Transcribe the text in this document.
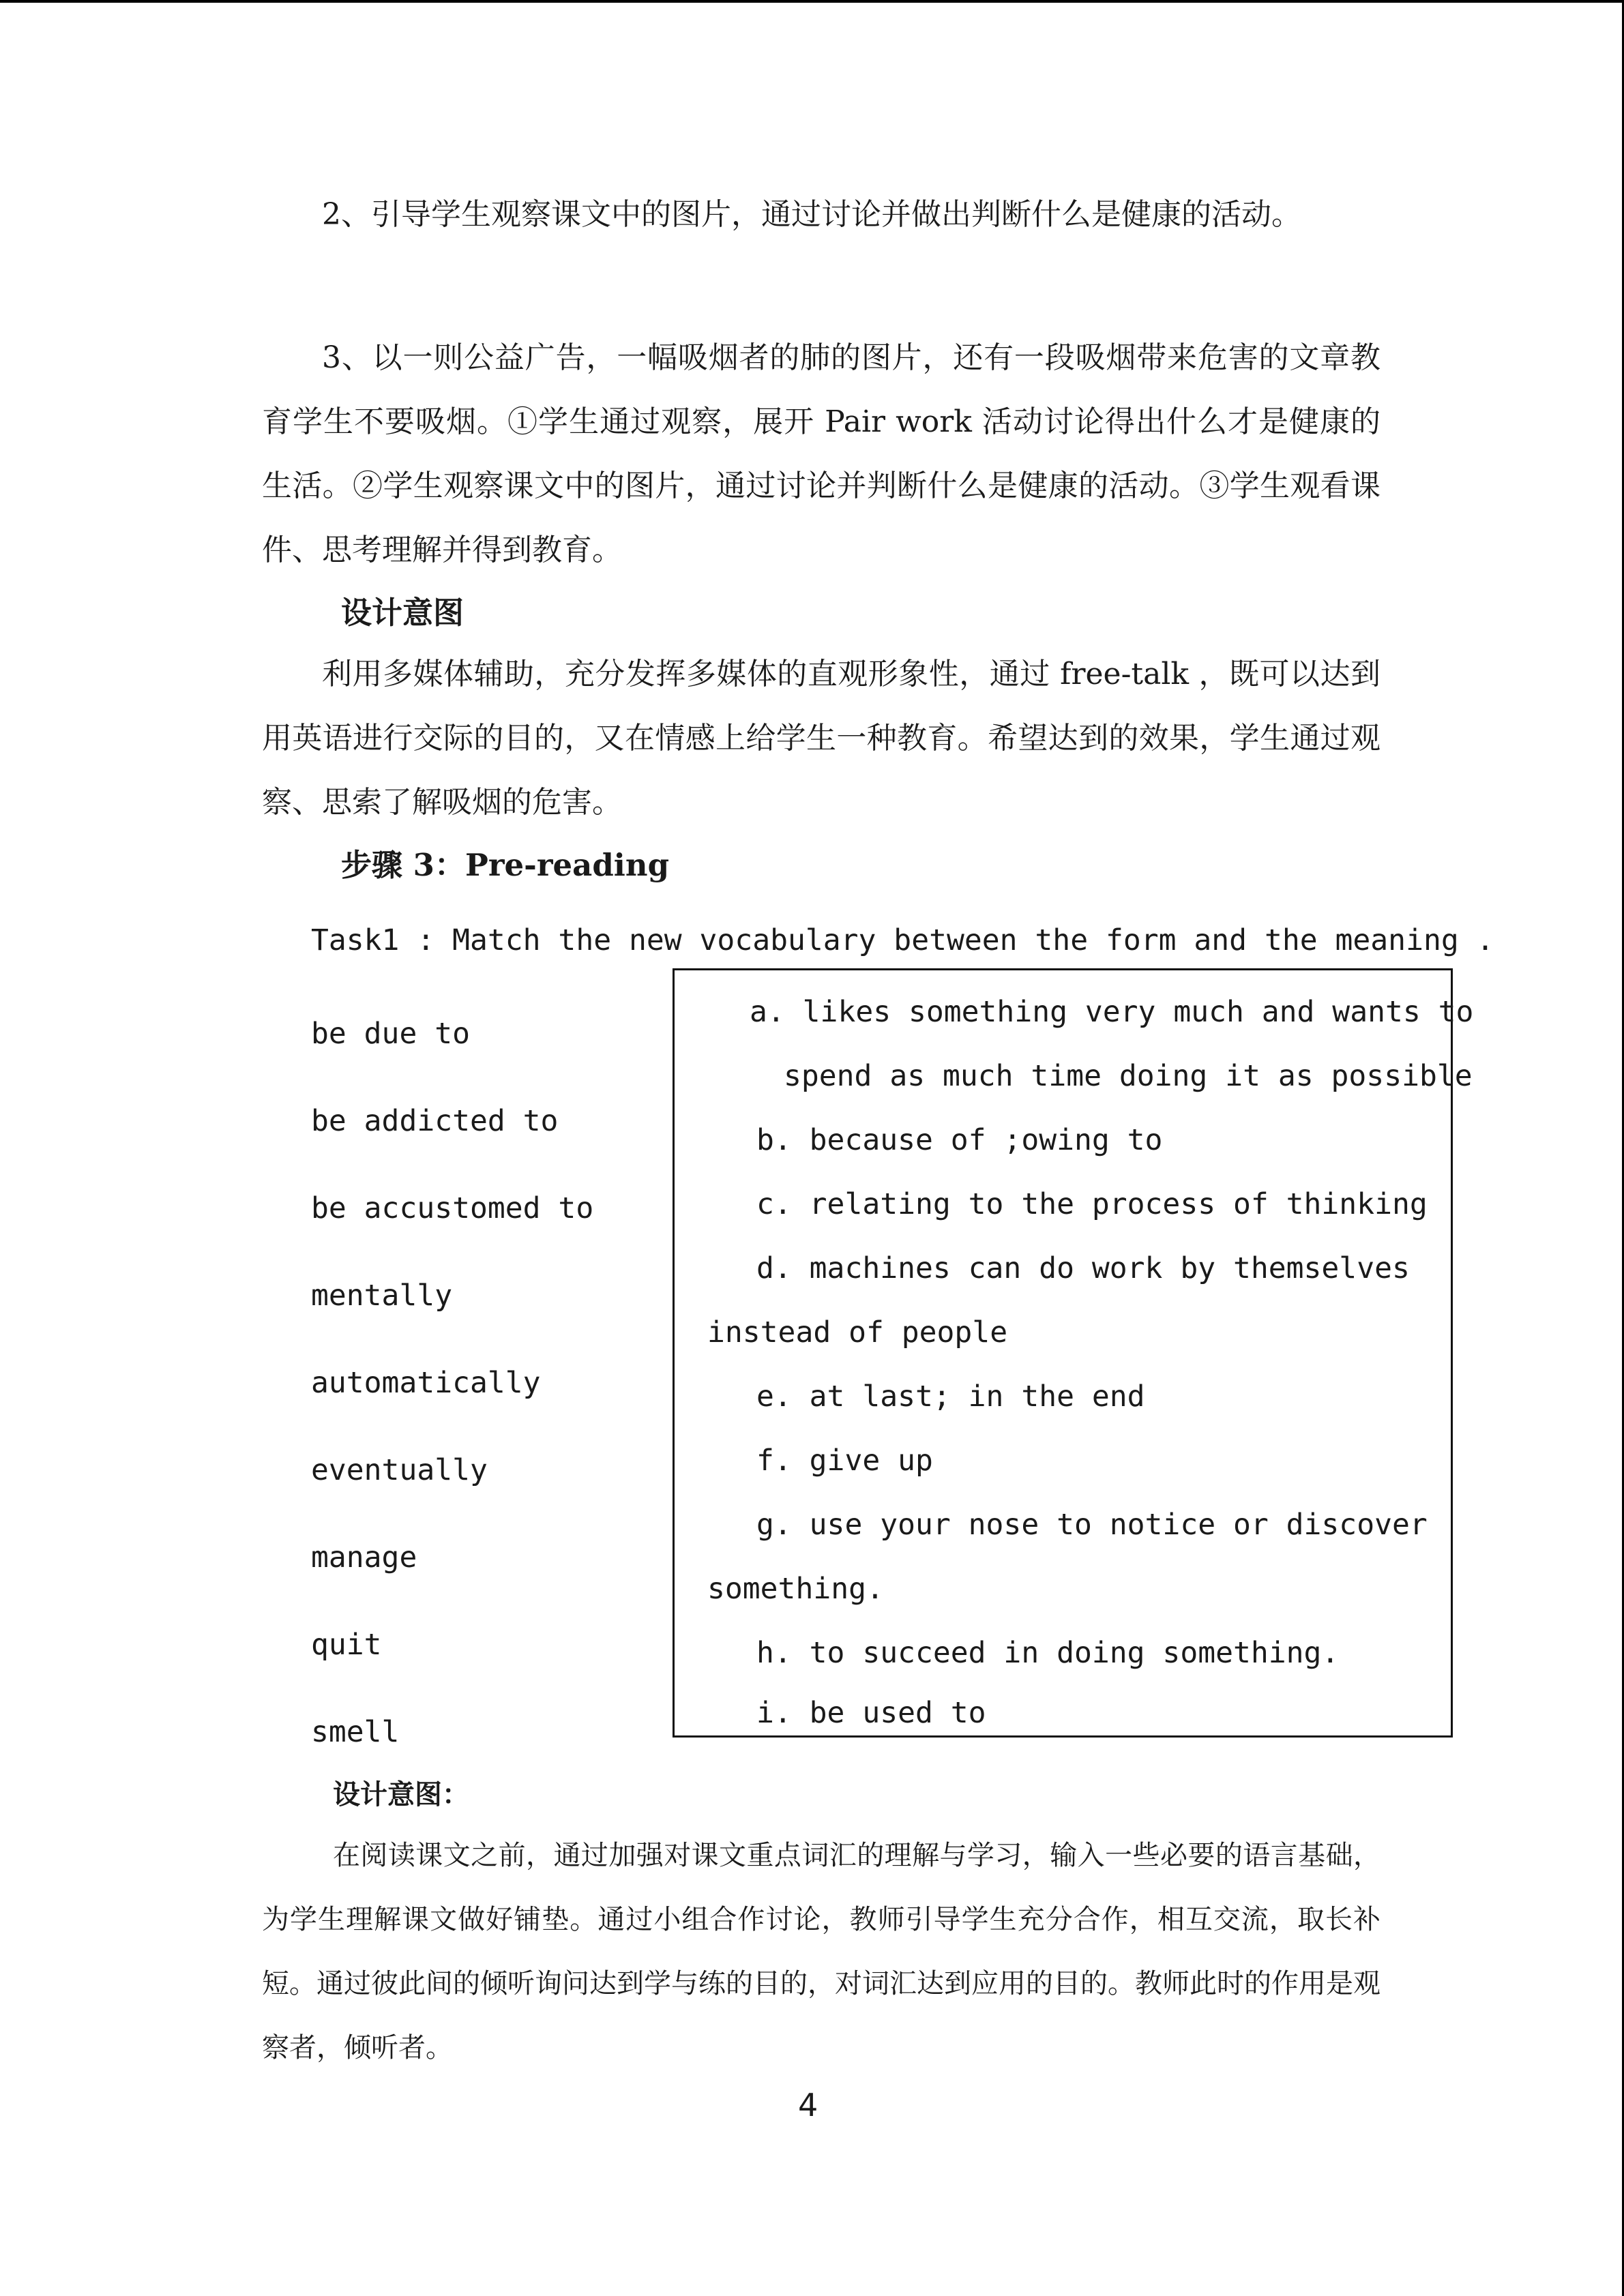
2、引导学生观察课文中的图片，通过讨论并做出判断什么是健康的活动。

3、以一则公益广告，一幅吸烟者的肺的图片，还有一段吸烟带来危害的文章教育学生不要吸烟。①学生通过观察，展开 Pair work 活动讨论得出什么才是健康的生活。②学生观察课文中的图片，通过讨论并判断什么是健康的活动。③学生观看课件、思考理解并得到教育。

设计意图

利用多媒体辅助，充分发挥多媒体的直观形象性，通过 free-talk ，既可以达到用英语进行交际的目的，又在情感上给学生一种教育。希望达到的效果，学生通过观察、思索了解吸烟的危害。

步骤 3：Pre-reading
Task1 : Match the new vocabulary between the form and the meaning .
be due to
be addicted to
be accustomed to
mentally
automatically
eventually
manage
quit
smell
a. likes something very much and wants to
spend as much time doing it as possible
b. because of ;owing to
c. relating to the process of thinking
d. machines can do work by themselves
instead of people
e. at last; in the end
f. give up
g. use your nose to notice or discover
something.
h. to succeed in doing something.
i. be used to
设计意图：

在阅读课文之前，通过加强对课文重点词汇的理解与学习，输入一些必要的语言基础，为学生理解课文做好铺垫。通过小组合作讨论，教师引导学生充分合作，相互交流，取长补短。通过彼此间的倾听询问达到学与练的目的，对词汇达到应用的目的。教师此时的作用是观察者，倾听者。

4
